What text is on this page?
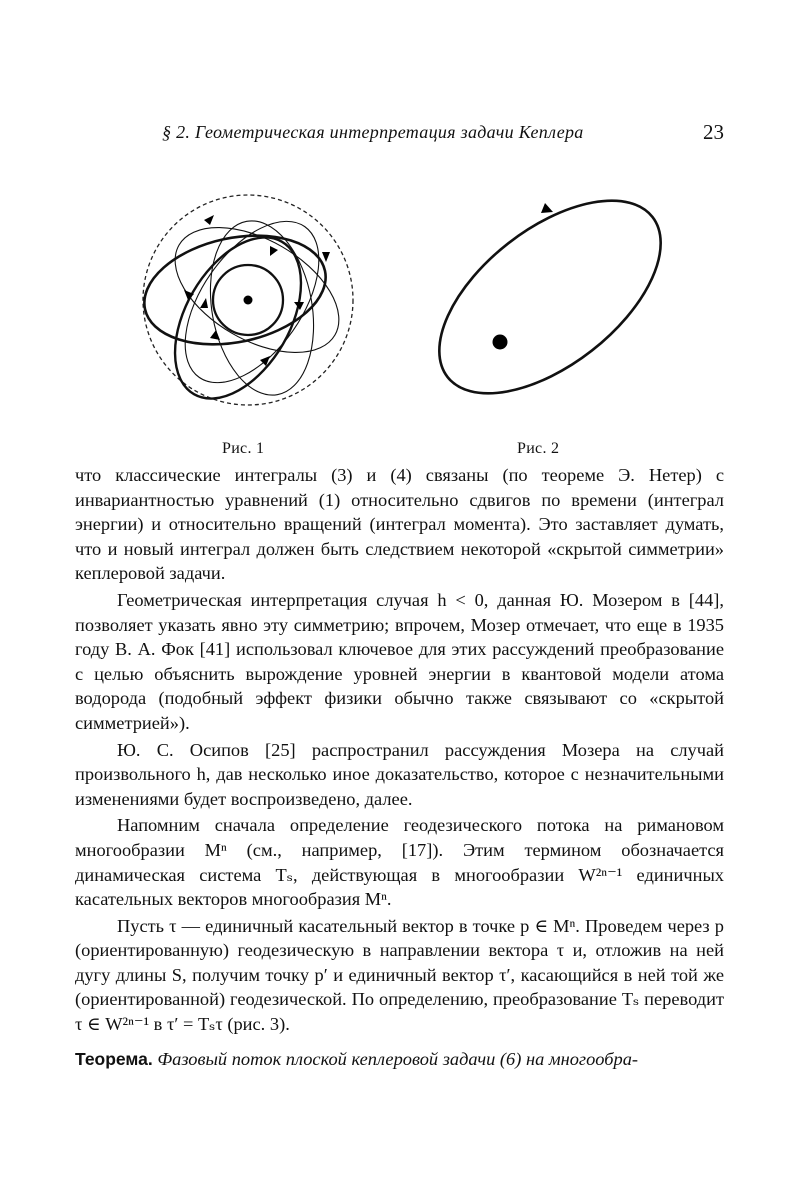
§ 2. Геометрическая интерпретация задачи Кеплера	23
Рис. 1	Рис. 2

что классические интегралы (3) и (4) связаны (по теореме Э. Нетер) с инвариантностью уравнений (1) относительно сдвигов по времени (интеграл энергии) и относительно вращений (интеграл момента). Это заставляет думать, что и новый интеграл должен быть следствием некоторой «скрытой симметрии» кеплеровой задачи.

Геометрическая интерпретация случая h < 0, данная Ю. Мозером в [44], позволяет указать явно эту симметрию; впрочем, Мозер отмечает, что еще в 1935 году В. А. Фок [41] использовал ключевое для этих рассуждений преобразование с целью объяснить вырождение уровней энергии в квантовой модели атома водорода (подобный эффект физики обычно также связывают со «скрытой симметрией»).

Ю. С. Осипов [25] распространил рассуждения Мозера на случай произвольного h, дав несколько иное доказательство, которое с незначительными изменениями будет воспроизведено, далее.

Напомним сначала определение геодезического потока на римановом многообразии Mⁿ (см., например, [17]). Этим термином обозначается динамическая система Tₛ, действующая в многообразии W²ⁿ⁻¹ единичных касательных векторов многообразия Mⁿ.

Пусть τ — единичный касательный вектор в точке p ∈ Mⁿ. Проведем через p (ориентированную) геодезическую в направлении вектора τ и, отложив на ней дугу длины S, получим точку p′ и единичный вектор τ′, касающийся в ней той же (ориентированной) геодезической. По определению, преобразование Tₛ переводит τ ∈ W²ⁿ⁻¹ в τ′ = Tₛτ (рис. 3).

Теорема. Фазовый поток плоской кеплеровой задачи (6) на многообра-
